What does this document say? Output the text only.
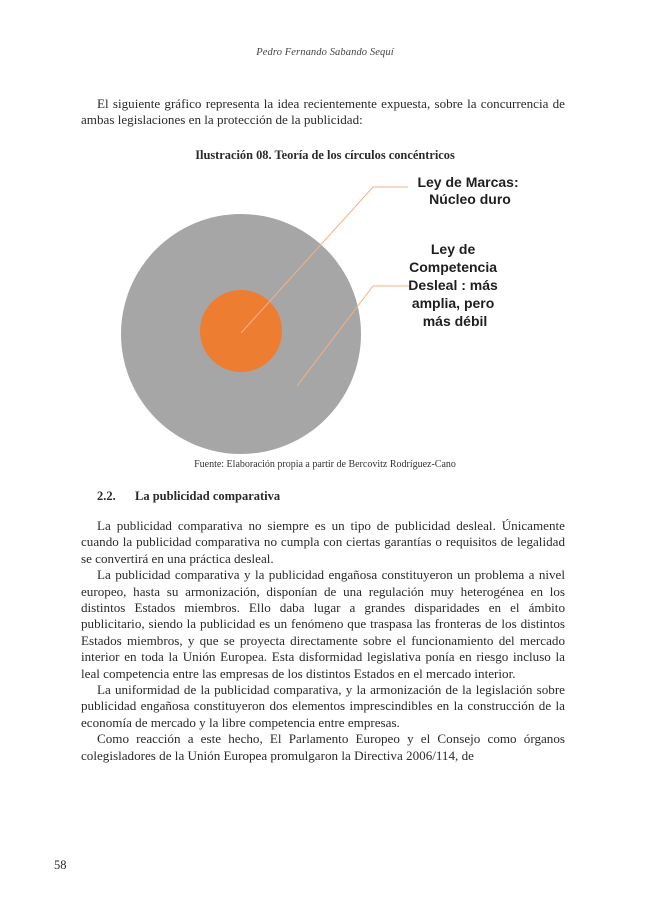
Pedro Fernando Sabando Sequí

El siguiente gráfico representa la idea recientemente expuesta, sobre la concurrencia de ambas legislaciones en la protección de la publicidad:

Ilustración 08. Teoría de los círculos concéntricos
Ley de Marcas: Núcleo duro
Ley de Competencia Desleal : más amplia, pero más débil
Fuente: Elaboración propia a partir de Bercovitz Rodríguez-Cano
2.2. La publicidad comparativa

La publicidad comparativa no siempre es un tipo de publicidad desleal. Únicamente cuando la publicidad comparativa no cumpla con ciertas garantías o requisitos de legalidad se convertirá en una práctica desleal.

La publicidad comparativa y la publicidad engañosa constituyeron un problema a nivel europeo, hasta su armonización, disponían de una regulación muy heterogénea en los distintos Estados miembros. Ello daba lugar a grandes disparidades en el ámbito publicitario, siendo la publicidad es un fenómeno que traspasa las fronteras de los distintos Estados miembros, y que se proyecta directamente sobre el funcionamiento del mercado interior en toda la Unión Europea. Esta disformidad legislativa ponía en riesgo incluso la leal competencia entre las empresas de los distintos Estados en el mercado interior.

La uniformidad de la publicidad comparativa, y la armonización de la legislación sobre publicidad engañosa constituyeron dos elementos imprescindibles en la construcción de la economía de mercado y la libre competencia entre empresas.

Como reacción a este hecho, El Parlamento Europeo y el Consejo como órganos colegisladores de la Unión Europea promulgaron la Directiva 2006/114, de

58
